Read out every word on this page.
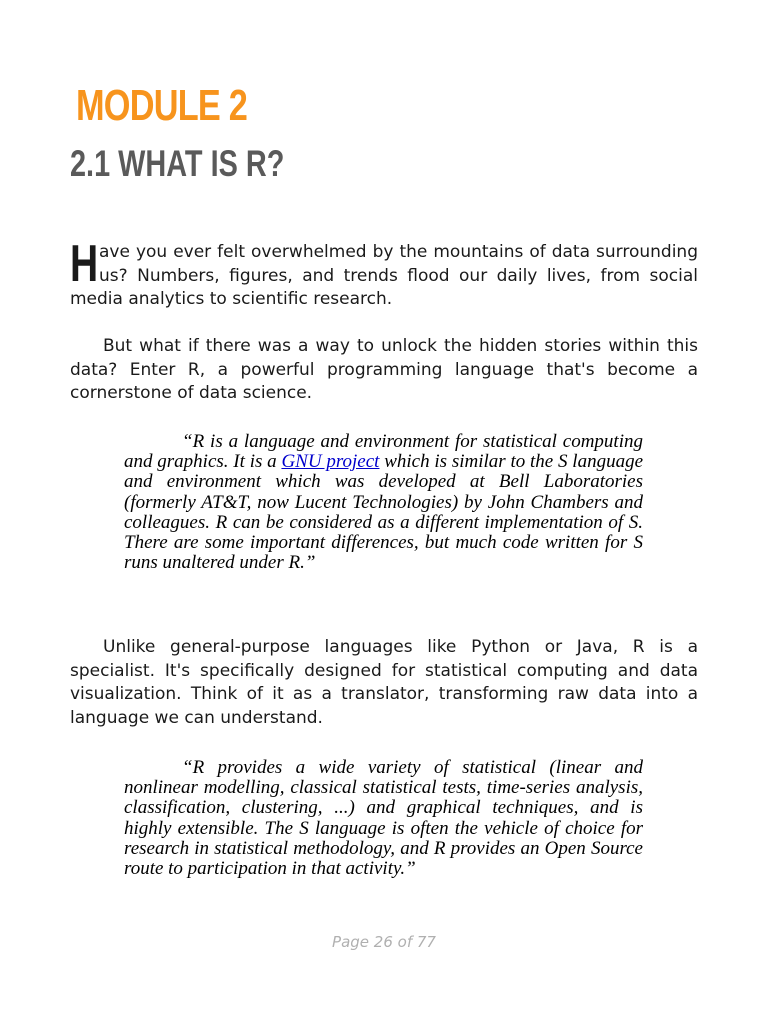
MODULE 2
2.1 WHAT IS R?

Have you ever felt overwhelmed by the mountains of data surrounding us? Numbers, figures, and trends flood our daily lives, from social media analytics to scientific research.

But what if there was a way to unlock the hidden stories within this data? Enter R, a powerful programming language that's become a cornerstone of data science.

“R is a language and environment for statistical computing and graphics. It is a GNU project which is similar to the S language and environment which was developed at Bell Laboratories (formerly AT&T, now Lucent Technologies) by John Chambers and colleagues. R can be considered as a different implementation of S. There are some important differences, but much code written for S runs unaltered under R.”

Unlike general-purpose languages like Python or Java, R is a specialist. It's specifically designed for statistical computing and data visualization. Think of it as a translator, transforming raw data into a language we can understand.

“R provides a wide variety of statistical (linear and nonlinear modelling, classical statistical tests, time-series analysis, classification, clustering, ...) and graphical techniques, and is highly extensible. The S language is often the vehicle of choice for research in statistical methodology, and R provides an Open Source route to participation in that activity.”

Page 26 of 77
